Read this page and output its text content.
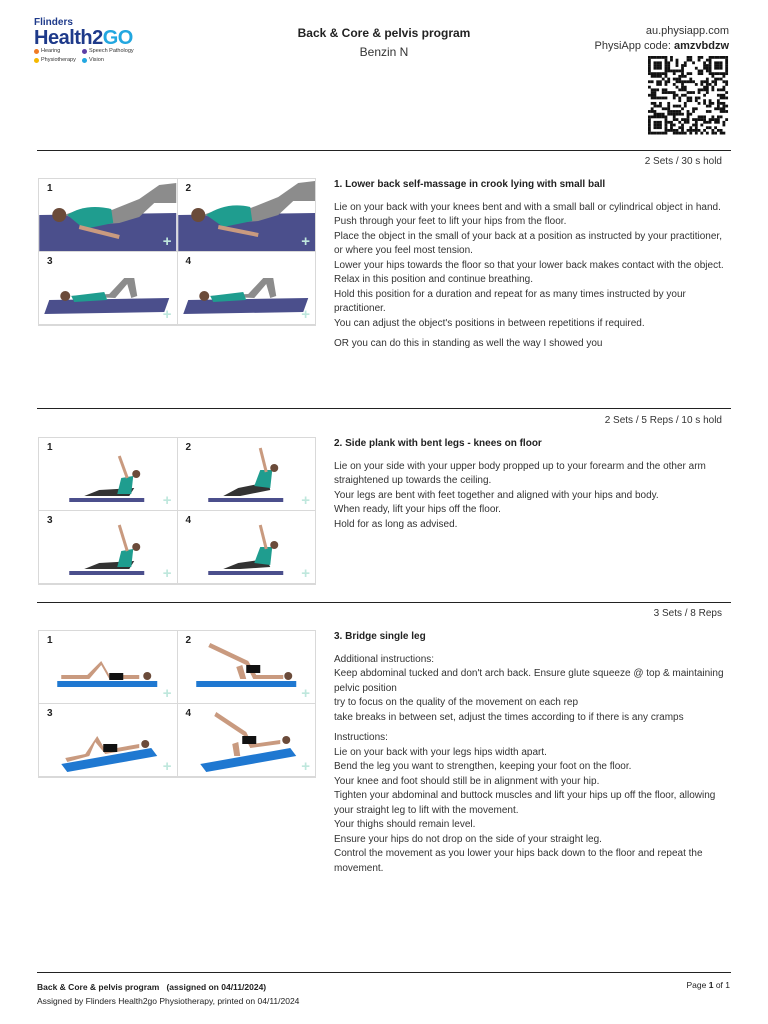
Flinders
Health2GO
Hearing	Speech Pathology
Physiotherapy Vision
Back & Core & pelvis program
Benzin N
au.physiapp.com
PhysiApp code: amzvbdzw
2 Sets / 30 s hold
1
+
2
+
3
+
4
+
1. Lower back self-massage in crook lying with small ball
Lie on your back with your knees bent and with a small ball or cylindrical object in hand.
Push through your feet to lift your hips from the floor.
Place the object in the small of your back at a position as instructed by your practitioner, or where you feel most tension.
Lower your hips towards the floor so that your lower back makes contact with the object.
Relax in this position and continue breathing.
Hold this position for a duration and repeat for as many times instructed by your practitioner.
You can adjust the object's positions in between repetitions if required.
OR you can do this in standing as well the way I showed you
2 Sets / 5 Reps / 10 s hold
1
+
2
+
3
+
4
+
2. Side plank with bent legs - knees on floor
Lie on your side with your upper body propped up to your forearm and the other arm straightened up towards the ceiling.
Your legs are bent with feet together and aligned with your hips and body.
When ready, lift your hips off the floor.
Hold for as long as advised.
3 Sets / 8 Reps
1
+
2
+
3
+
4
+
3. Bridge single leg
Additional instructions:
Keep abdominal tucked and don't arch back. Ensure glute squeeze @ top & maintaining pelvic position
try to focus on the quality of the movement on each rep
take breaks in between set, adjust the times according to if there is any cramps
Instructions:
Lie on your back with your legs hips width apart.
Bend the leg you want to strengthen, keeping your foot on the floor.
Your knee and foot should still be in alignment with your hip.
Tighten your abdominal and buttock muscles and lift your hips up off the floor, allowing your straight leg to lift with the movement.
Your thighs should remain level.
Ensure your hips do not drop on the side of your straight leg.
Control the movement as you lower your hips back down to the floor and repeat the movement.
Back & Core & pelvis program (assigned on 04/11/2024)
Assigned by Flinders Health2go Physiotherapy, printed on 04/11/2024
Page 1 of 1
